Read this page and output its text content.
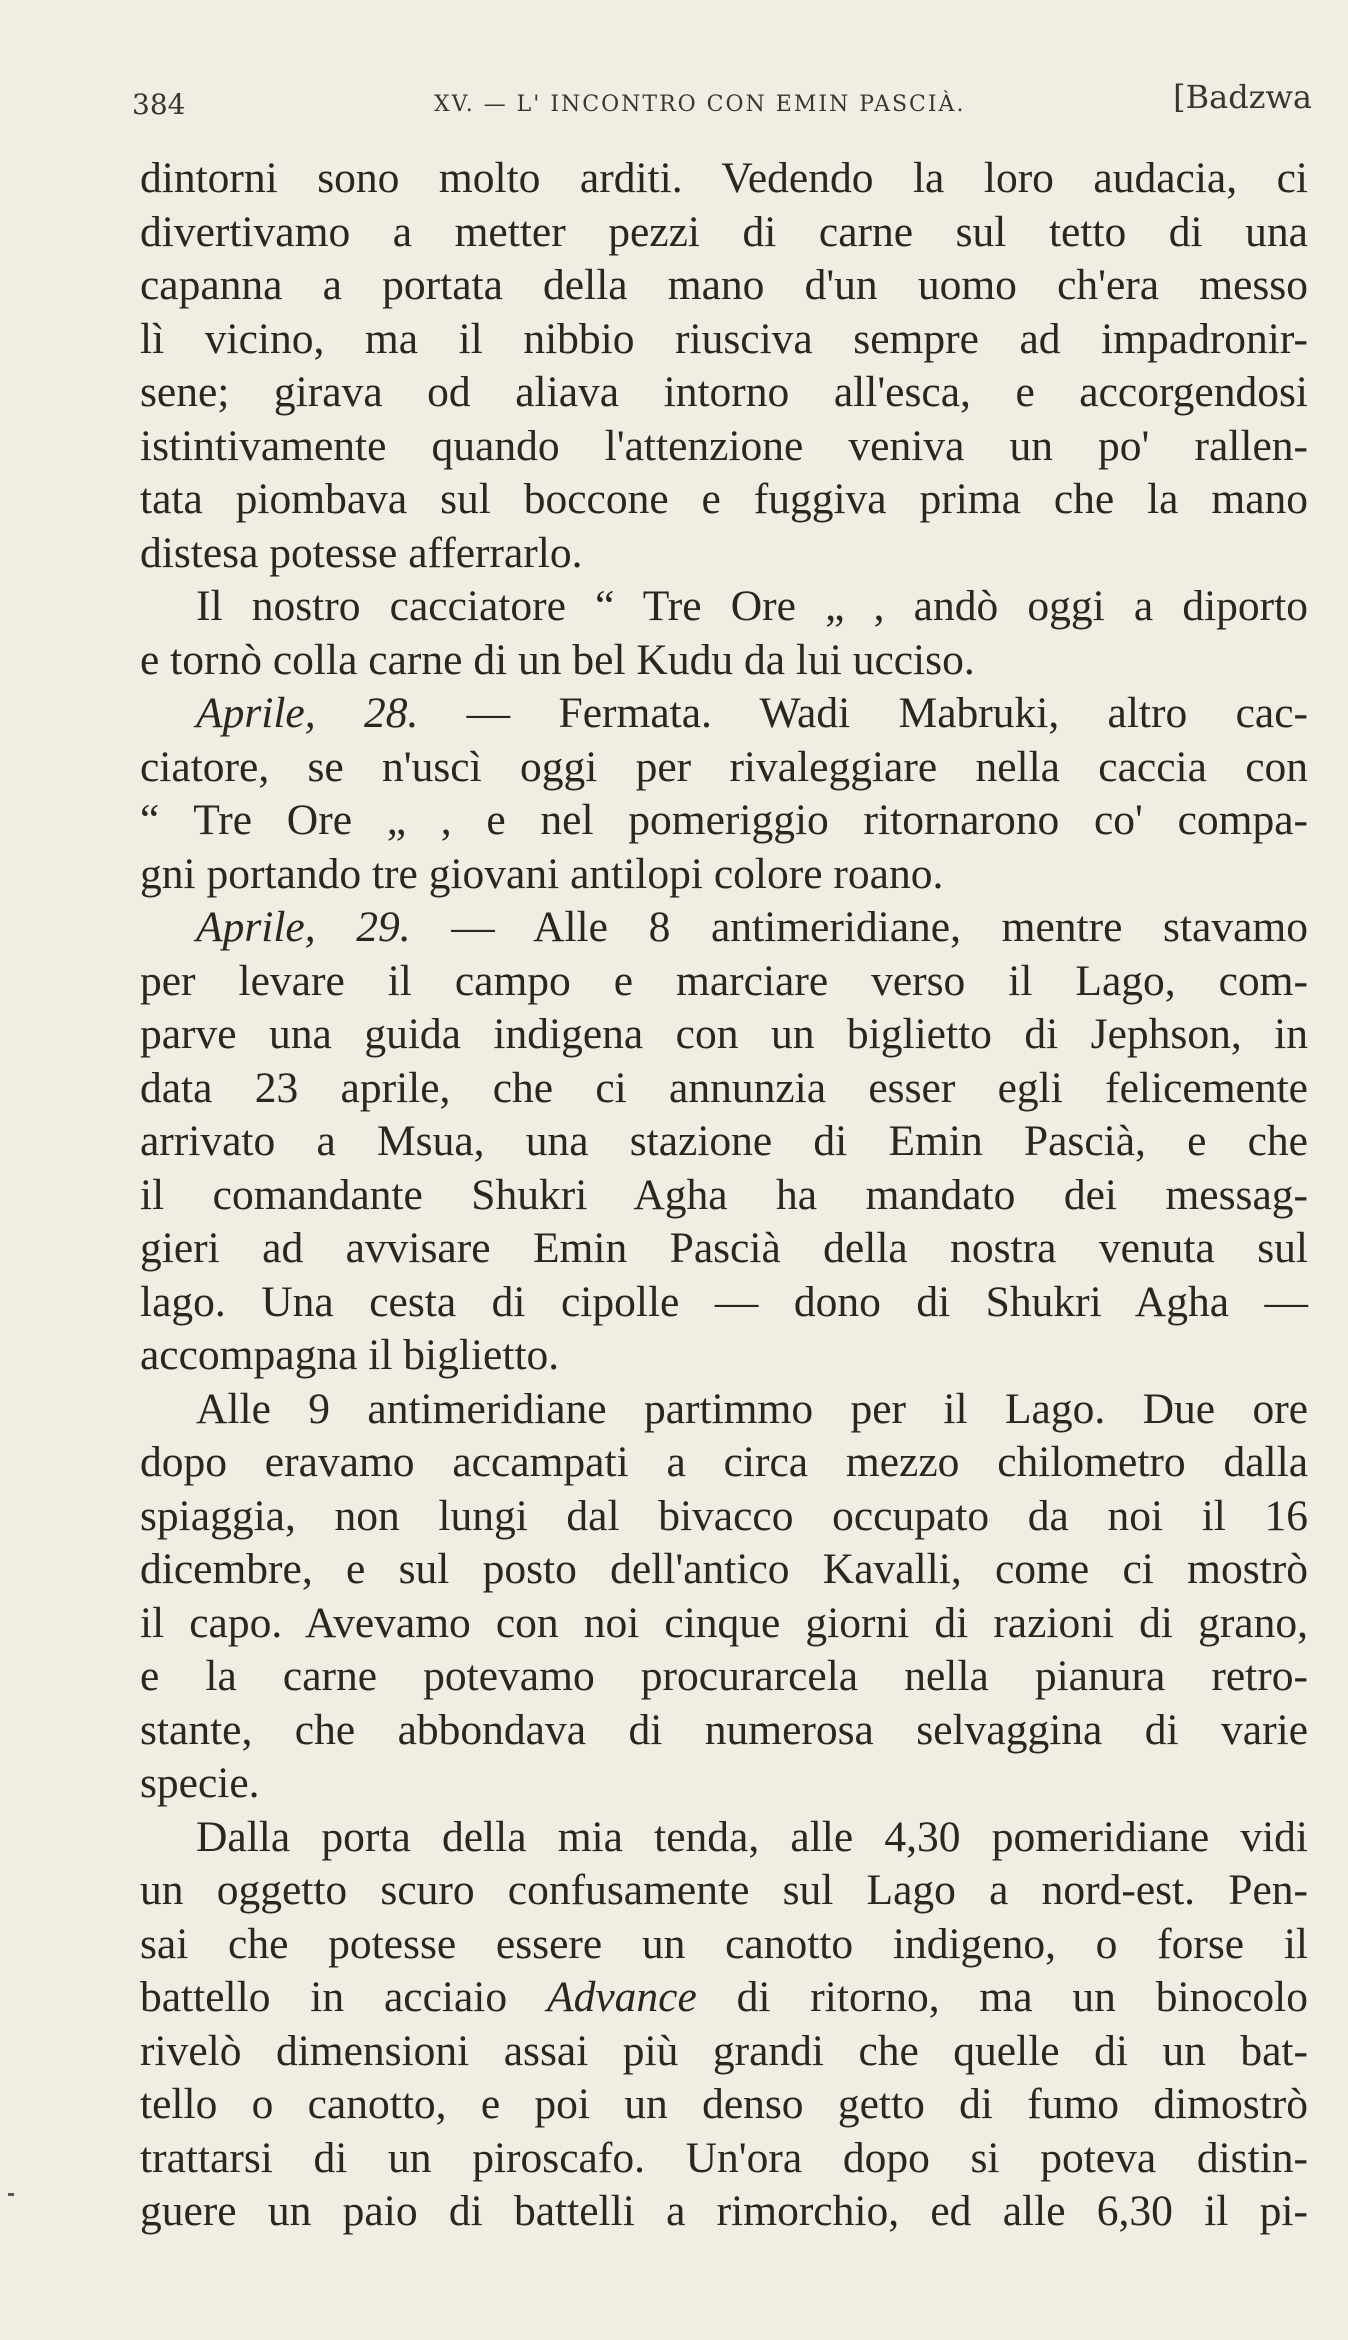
384	XV. — L' INCONTRO CON EMIN PASCIÀ.	[Badzwa
dintorni sono molto arditi. Vedendo la loro audacia, ci
divertivamo a metter pezzi di carne sul tetto di una
capanna a portata della mano d'un uomo ch'era messo
lì vicino, ma il nibbio riusciva sempre ad impadronir-
sene; girava od aliava intorno all'esca, e accorgendosi
istintivamente quando l'attenzione veniva un po' rallen-
tata piombava sul boccone e fuggiva prima che la mano
distesa potesse afferrarlo.
Il nostro cacciatore “ Tre Ore „ , andò oggi a diporto
e tornò colla carne di un bel Kudu da lui ucciso.
Aprile, 28. — Fermata. Wadi Mabruki, altro cac-
ciatore, se n'uscì oggi per rivaleggiare nella caccia con
“ Tre Ore „ , e nel pomeriggio ritornarono co' compa-
gni portando tre giovani antilopi colore roano.
Aprile, 29. — Alle 8 antimeridiane, mentre stavamo
per levare il campo e marciare verso il Lago, com-
parve una guida indigena con un biglietto di Jephson, in
data 23 aprile, che ci annunzia esser egli felicemente
arrivato a Msua, una stazione di Emin Pascià, e che
il comandante Shukri Agha ha mandato dei messag-
gieri ad avvisare Emin Pascià della nostra venuta sul
lago. Una cesta di cipolle — dono di Shukri Agha —
accompagna il biglietto.
Alle 9 antimeridiane partimmo per il Lago. Due ore
dopo eravamo accampati a circa mezzo chilometro dalla
spiaggia, non lungi dal bivacco occupato da noi il 16
dicembre, e sul posto dell'antico Kavalli, come ci mostrò
il capo. Avevamo con noi cinque giorni di razioni di grano,
e la carne potevamo procurarcela nella pianura retro-
stante, che abbondava di numerosa selvaggina di varie
specie.
Dalla porta della mia tenda, alle 4,30 pomeridiane vidi
un oggetto scuro confusamente sul Lago a nord-est. Pen-
sai che potesse essere un canotto indigeno, o forse il
battello in acciaio Advance di ritorno, ma un binocolo
rivelò dimensioni assai più grandi che quelle di un bat-
tello o canotto, e poi un denso getto di fumo dimostrò
trattarsi di un piroscafo. Un'ora dopo si poteva distin-
guere un paio di battelli a rimorchio, ed alle 6,30 il pi-
